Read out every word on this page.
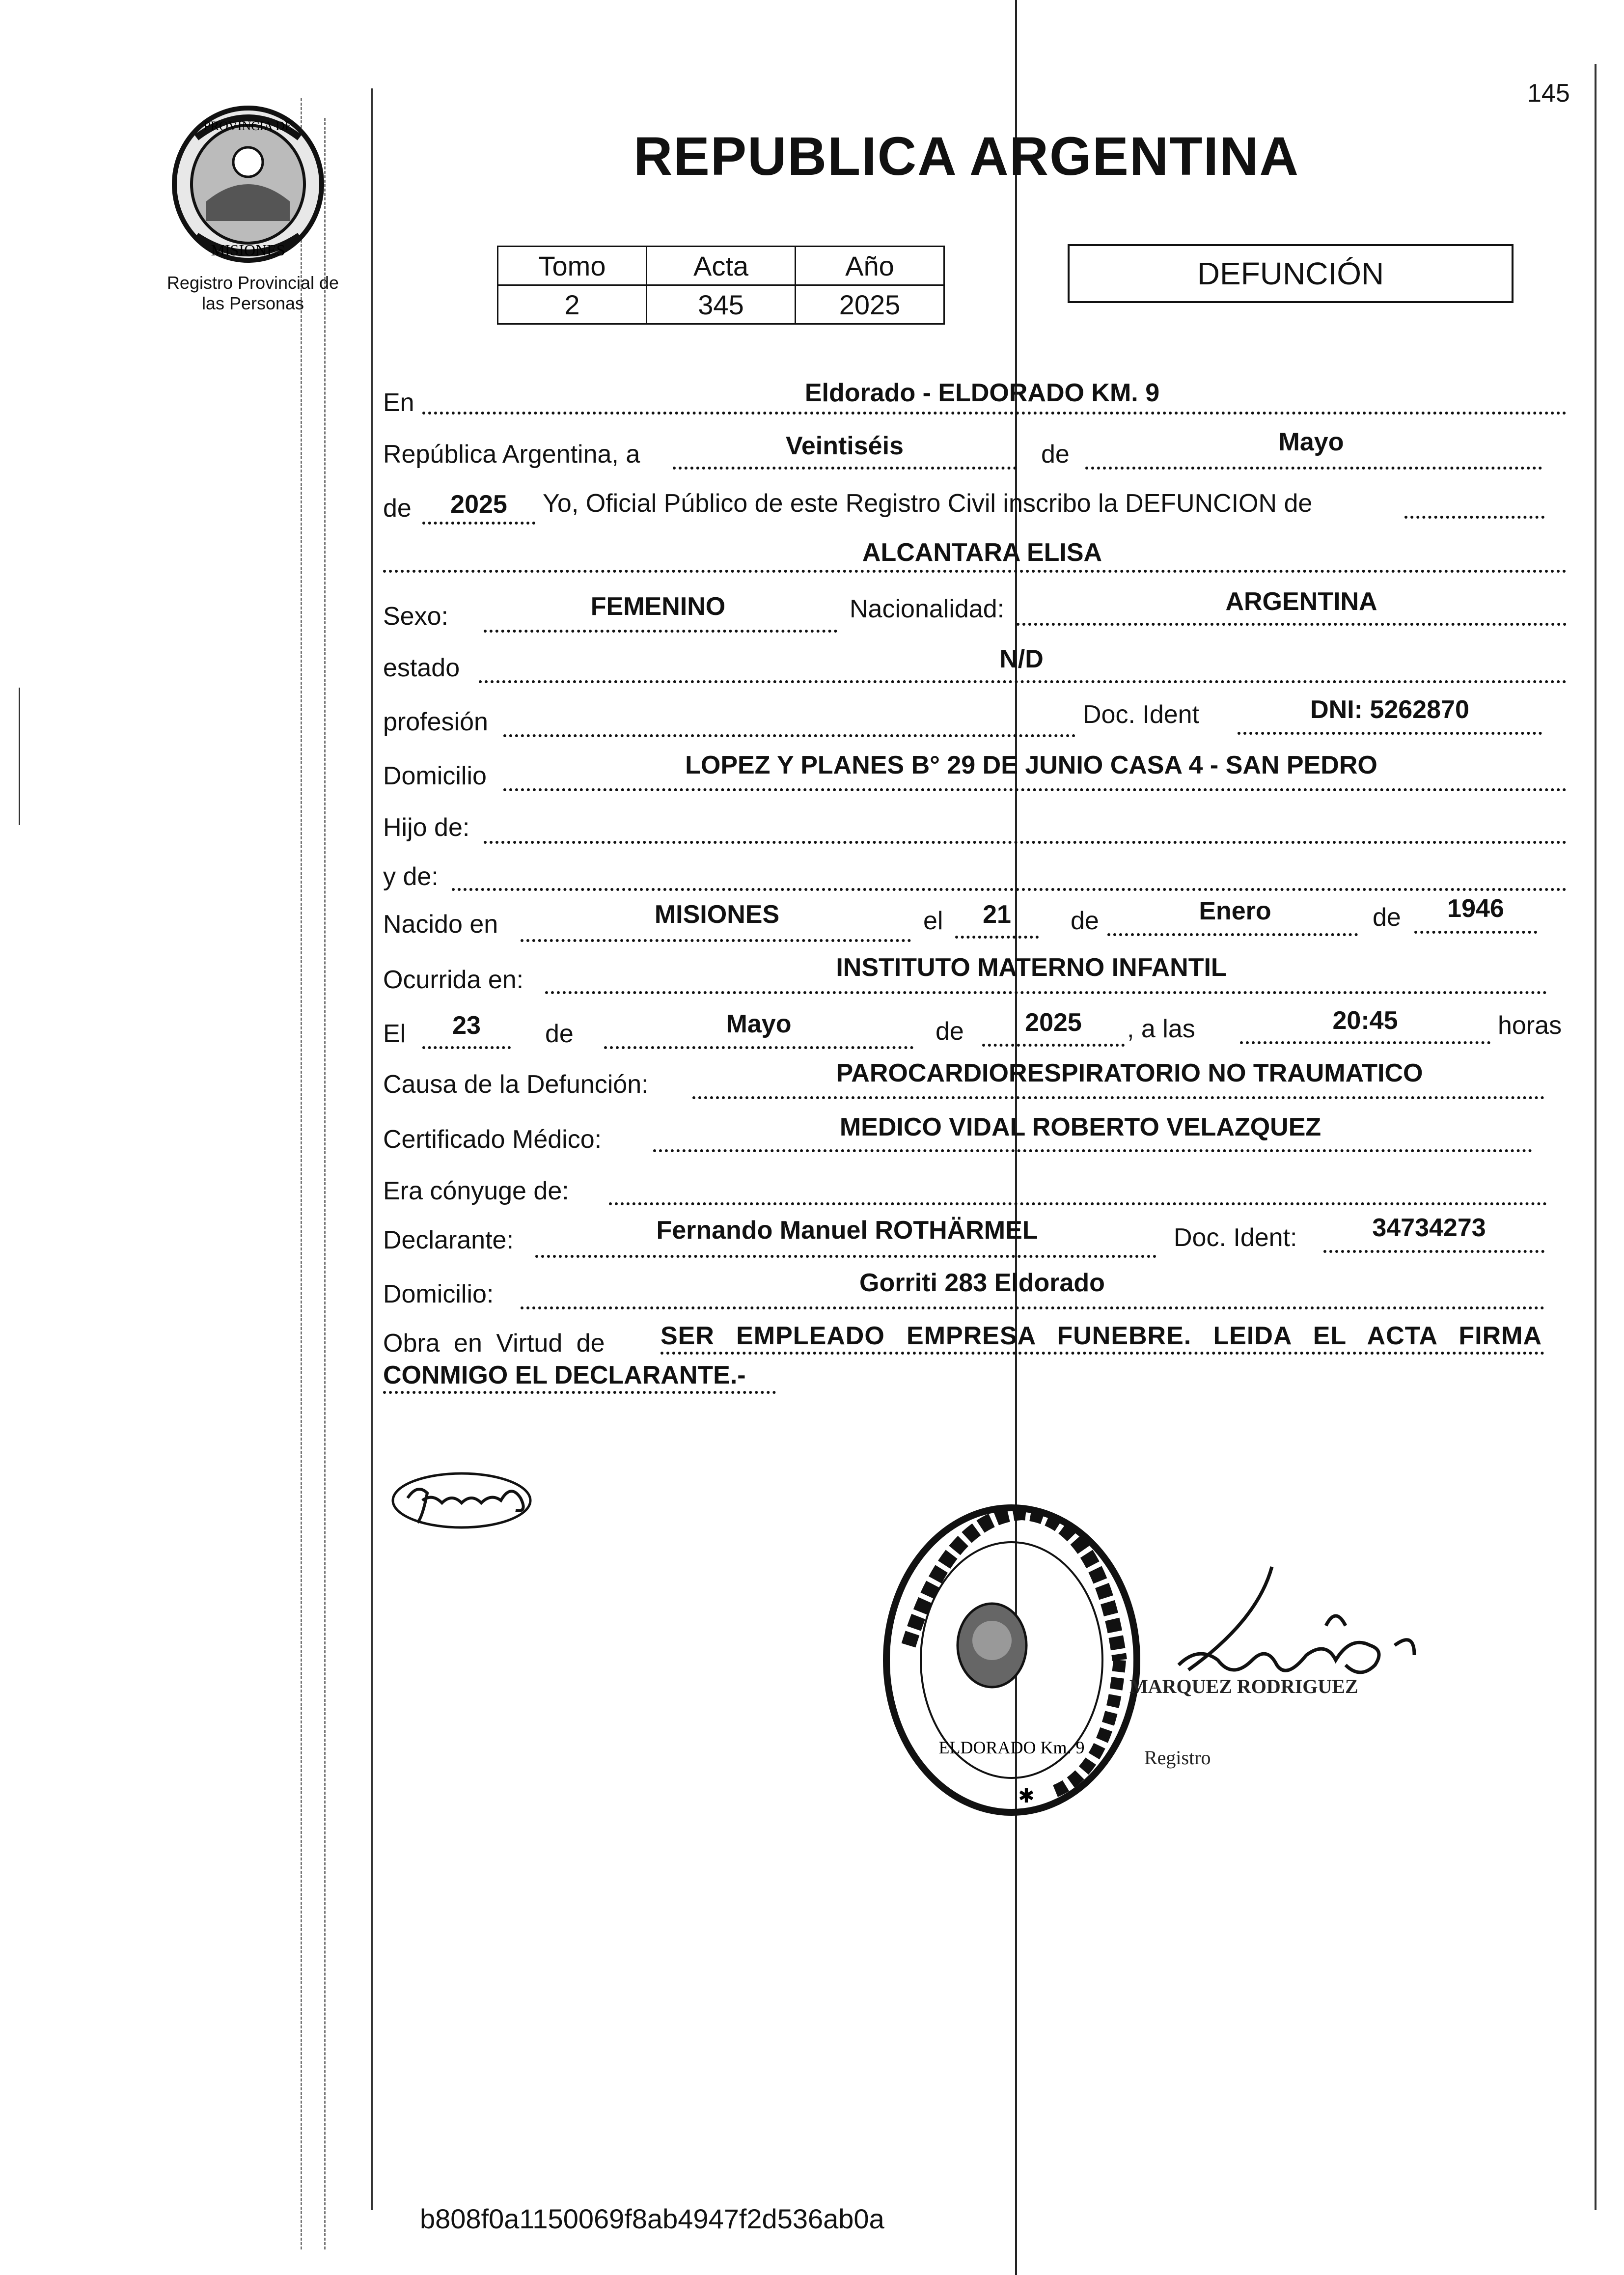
145
PROVINCIA DE
MISIONES
Registro Provincial de
las Personas
REPUBLICA ARGENTINA
Tomo	Acta	Año
2	345	2025
DEFUNCIÓN
En	Eldorado - ELDORADO KM. 9
República Argentina, a	Veintiséis	de	Mayo
de	2025	Yo, Oficial Público de este Registro Civil inscribo la DEFUNCION de
ALCANTARA ELISA
Sexo:	FEMENINO	Nacionalidad:	ARGENTINA
estado	N/D
profesión	Doc. Ident	DNI: 5262870
Domicilio	LOPEZ Y PLANES B° 29 DE JUNIO CASA 4 - SAN PEDRO
Hijo de:
y de:
Nacido en	MISIONES	el	21	de	Enero	de	1946
Ocurrida en:	INSTITUTO MATERNO INFANTIL
El	23	de	Mayo	de	2025	, a las	20:45	horas
Causa de la Defunción:	PAROCARDIORESPIRATORIO NO TRAUMATICO
Certificado Médico:	MEDICO VIDAL ROBERTO VELAZQUEZ
Era cónyuge de:
Declarante:	Fernando Manuel ROTHÄRMEL	Doc. Ident:	34734273
Domicilio:	Gorriti 283 Eldorado
Obra en Virtud de SER EMPLEADO EMPRESA FUNEBRE. LEIDA EL ACTA FIRMA
CONMIGO EL DECLARANTE.-
ELDORADO Km. 9
✱
MARQUEZ RODRIGUEZ
Registro
b808f0a1150069f8ab4947f2d536ab0a
